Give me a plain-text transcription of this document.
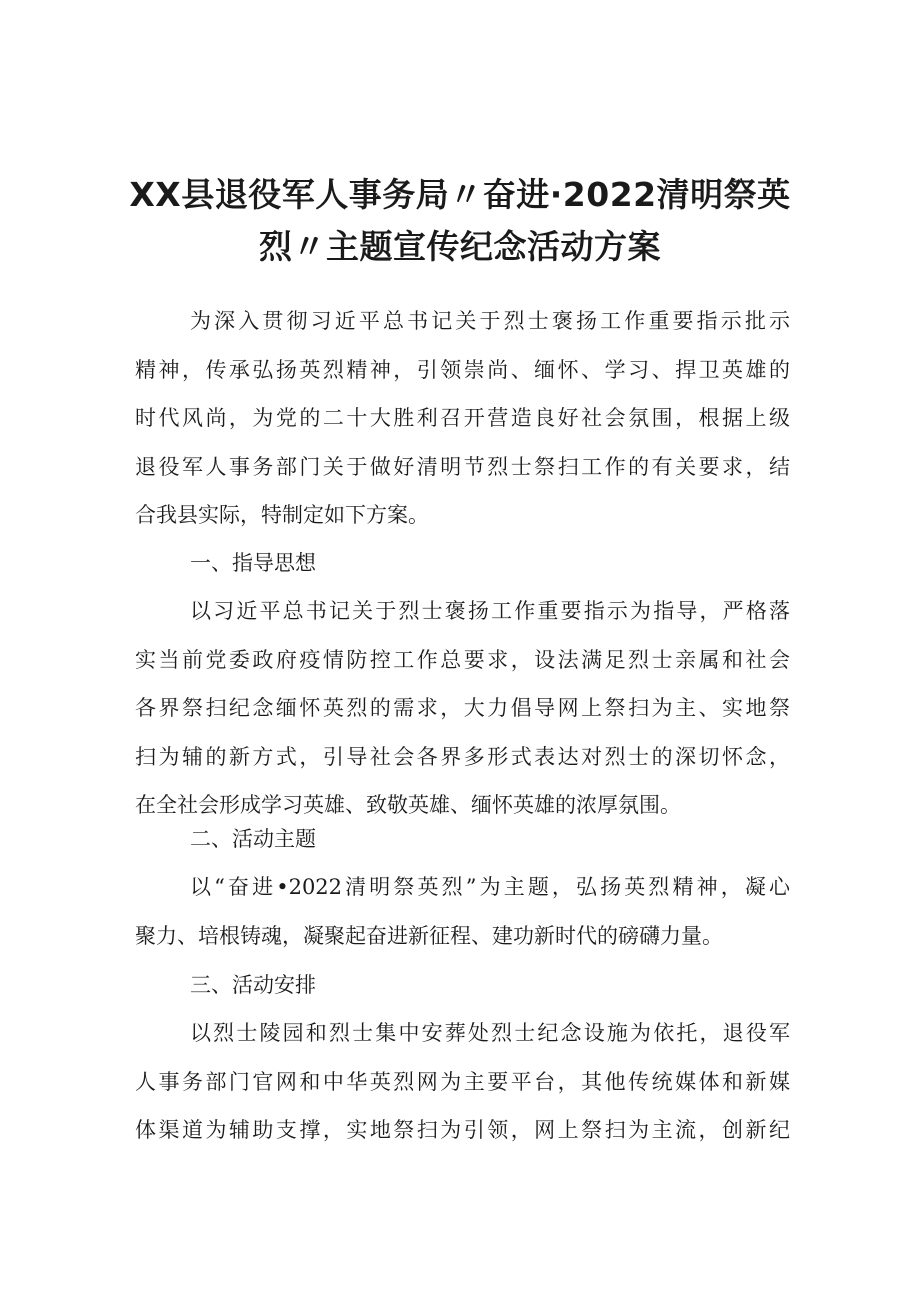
XX县退役军人事务局〃奋进·2022清明祭英
烈〃主题宣传纪念活动方案
为深入贯彻习近平总书记关于烈士褒扬工作重要指示批示
精神，传承弘扬英烈精神，引领崇尚、缅怀、学习、捍卫英雄的
时代风尚，为党的二十大胜利召开营造良好社会氛围，根据上级
退役军人事务部门关于做好清明节烈士祭扫工作的有关要求，结
合我县实际，特制定如下方案。
一、指导思想
以习近平总书记关于烈士褒扬工作重要指示为指导，严格落
实当前党委政府疫情防控工作总要求，设法满足烈士亲属和社会
各界祭扫纪念缅怀英烈的需求，大力倡导网上祭扫为主、实地祭
扫为辅的新方式，引导社会各界多形式表达对烈士的深切怀念，
在全社会形成学习英雄、致敬英雄、缅怀英雄的浓厚氛围。
二、活动主题
以“奋进•2022清明祭英烈”为主题，弘扬英烈精神，凝心
聚力、培根铸魂，凝聚起奋进新征程、建功新时代的磅礴力量。
三、活动安排
以烈士陵园和烈士集中安葬处烈士纪念设施为依托，退役军
人事务部门官网和中华英烈网为主要平台，其他传统媒体和新媒
体渠道为辅助支撑，实地祭扫为引领，网上祭扫为主流，创新纪
